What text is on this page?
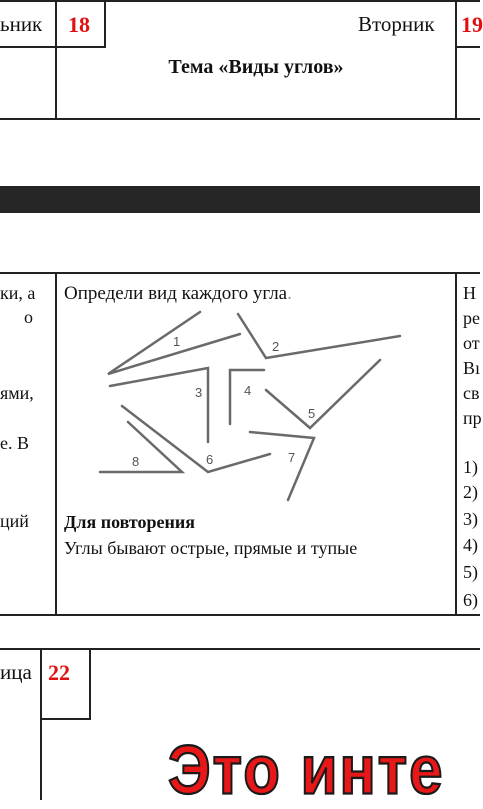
ьник 18	Вторник 19
Тема «Виды углов»
ки, а
о
ями,
е. В
ций
Определи вид каждого угла.
1	2
3	4
5
6	7
8
Для повторения
Углы бывают острые, прямые и тупые
Н
ре
от
Вı
св
пр
1)
2)
3)
4)
5)
6)
ица 22
Это инте
